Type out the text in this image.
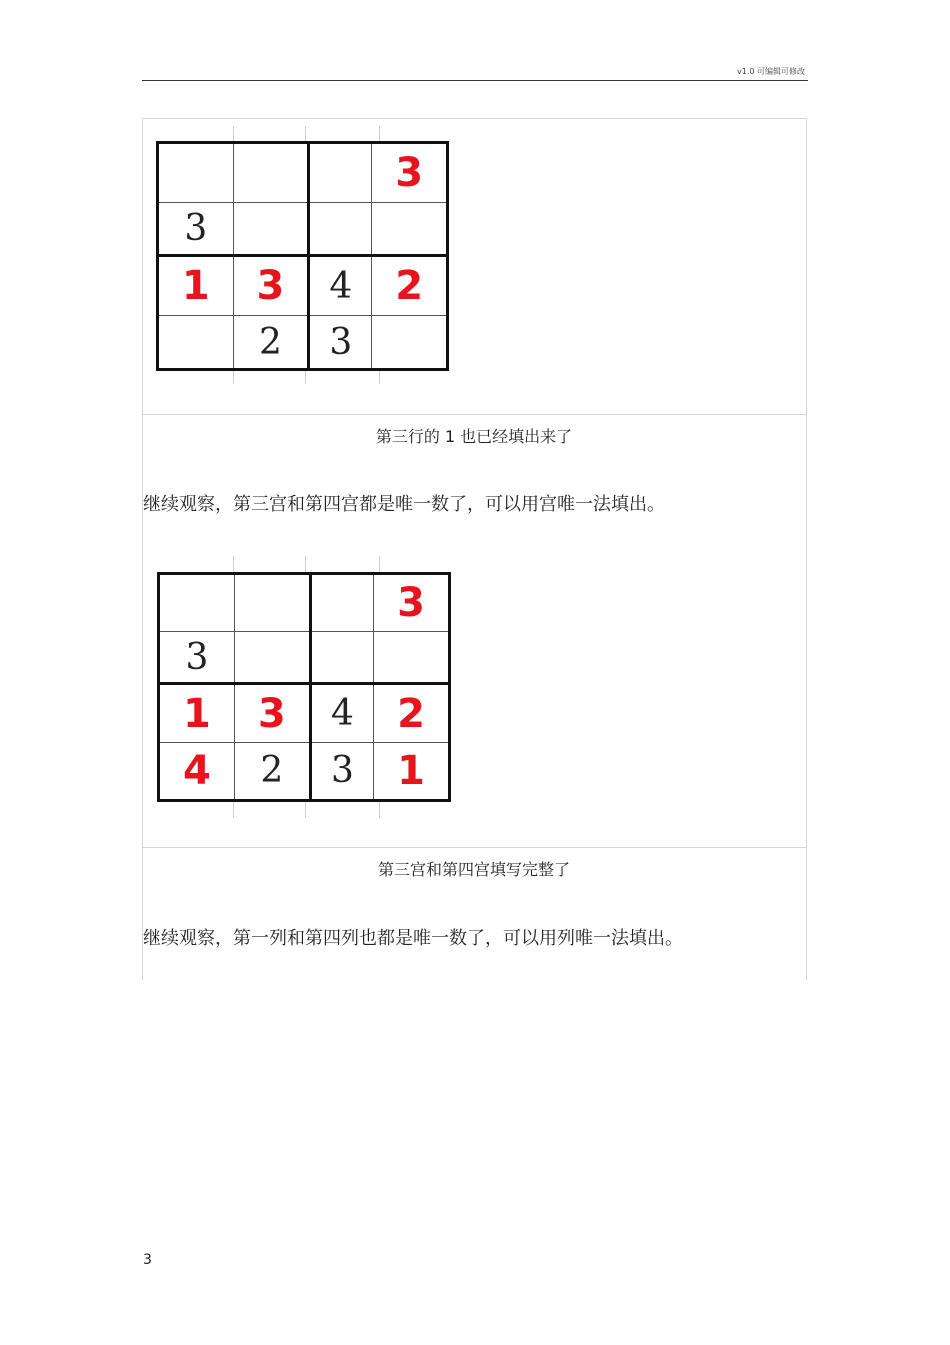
v1.0 可编辑可修改
			3
3			
1	3	4	2
	2	3	
第三行的 1 也已经填出来了
继续观察，第三宫和第四宫都是唯一数了，可以用宫唯一法填出。
			3
3			
1	3	4	2
4	2	3	1
第三宫和第四宫填写完整了
继续观察，第一列和第四列也都是唯一数了，可以用列唯一法填出。
3
